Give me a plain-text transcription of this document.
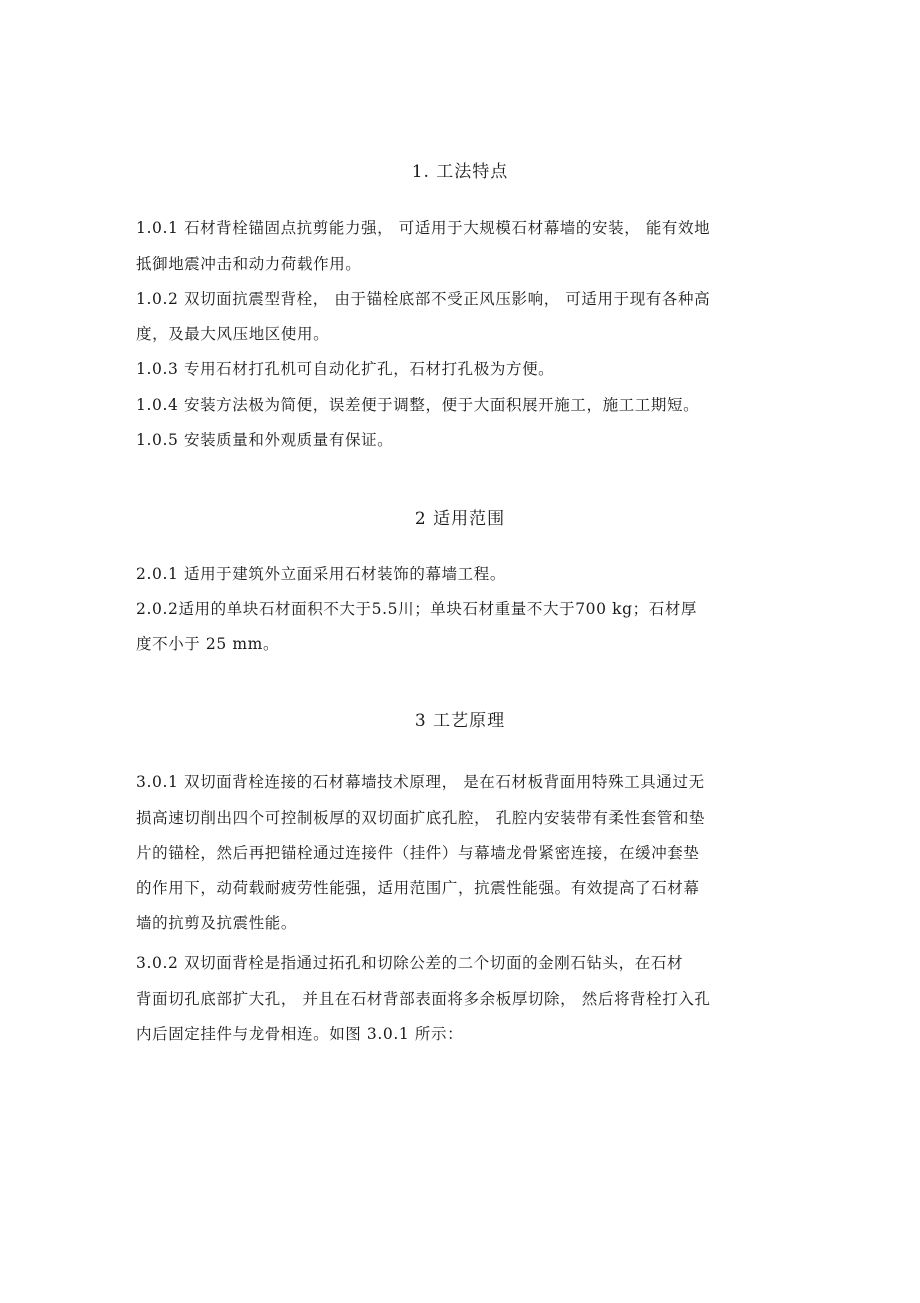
1. 工法特点

1.0.1 石材背栓锚固点抗剪能力强， 可适用于大规模石材幕墙的安装， 能有效地

抵御地震冲击和动力荷载作用。

1.0.2 双切面抗震型背栓， 由于锚栓底部不受正风压影响， 可适用于现有各种高

度，及最大风压地区使用。

1.0.3 专用石材打孔机可自动化扩孔，石材打孔极为方便。

1.0.4 安装方法极为简便，误差便于调整，便于大面积展开施工，施工工期短。

1.0.5 安装质量和外观质量有保证。

2 适用范围

2.0.1 适用于建筑外立面采用石材装饰的幕墙工程。

2.0.2适用的单块石材面积不大于5.5川；单块石材重量不大于700 kg；石材厚

度不小于 25 mm。

3 工艺原理

3.0.1 双切面背栓连接的石材幕墙技术原理， 是在石材板背面用特殊工具通过无

损高速切削出四个可控制板厚的双切面扩底孔腔， 孔腔内安装带有柔性套管和垫

片的锚栓，然后再把锚栓通过连接件（挂件）与幕墙龙骨紧密连接，在缓冲套垫

的作用下，动荷载耐疲劳性能强，适用范围广，抗震性能强。有效提高了石材幕

墙的抗剪及抗震性能。

3.0.2 双切面背栓是指通过拓孔和切除公差的二个切面的金刚石钻头，在石材

背面切孔底部扩大孔， 并且在石材背部表面将多余板厚切除， 然后将背栓打入孔

内后固定挂件与龙骨相连。如图 3.0.1 所示：
